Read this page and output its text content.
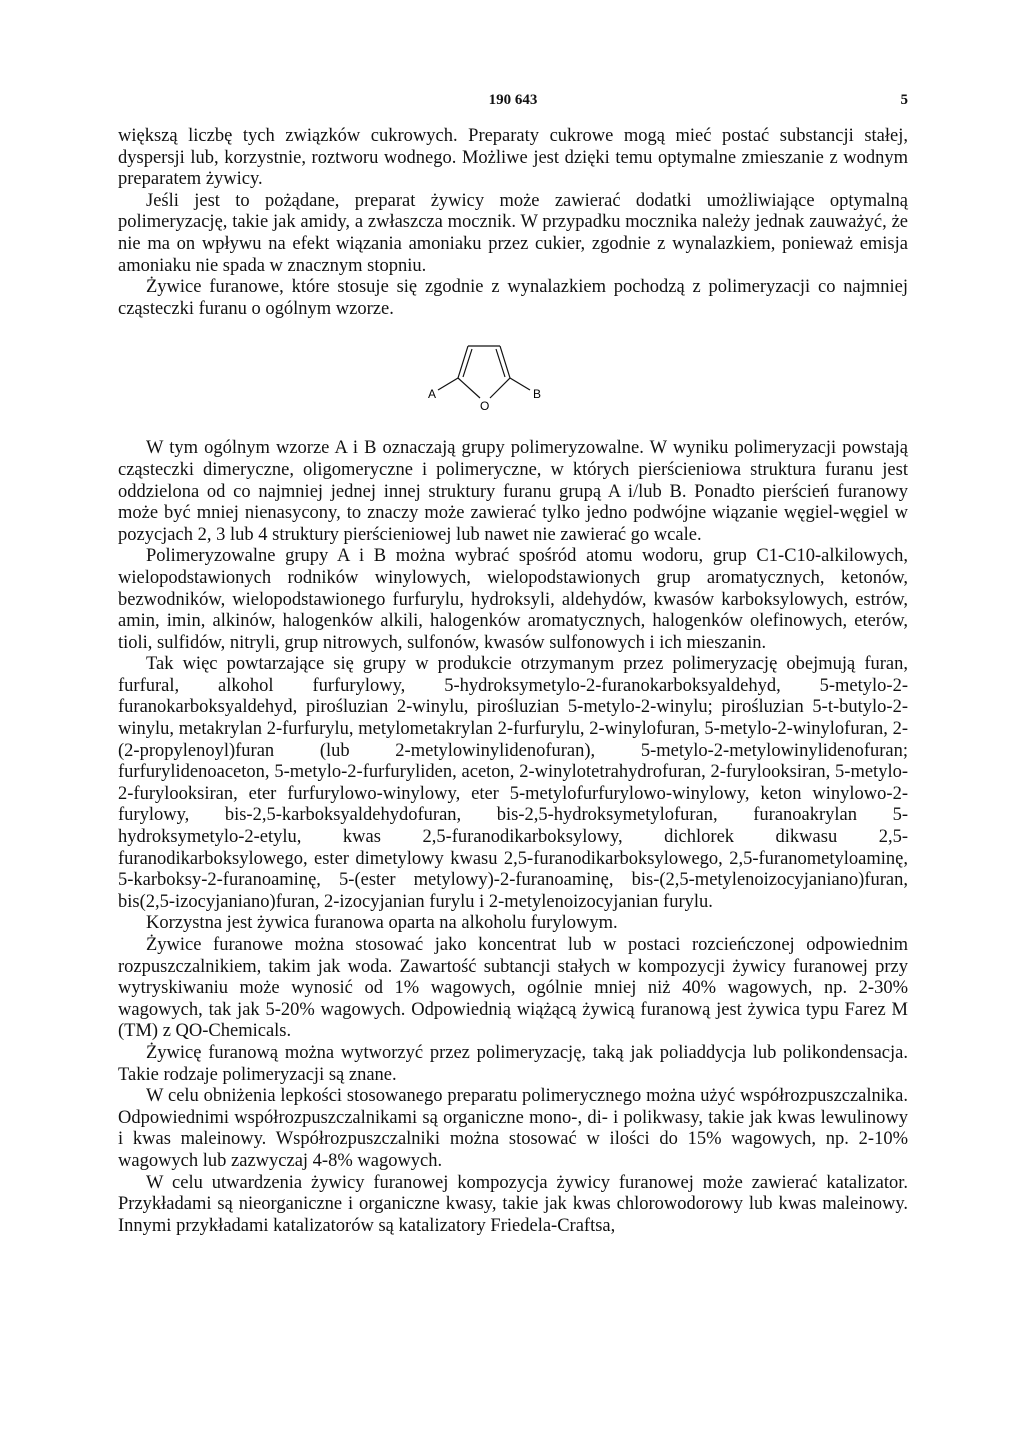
190 643	5

większą liczbę tych związków cukrowych. Preparaty cukrowe mogą mieć postać substancji stałej, dyspersji lub, korzystnie, roztworu wodnego. Możliwe jest dzięki temu optymalne zmieszanie z wodnym preparatem żywicy.

Jeśli jest to pożądane, preparat żywicy może zawierać dodatki umożliwiające optymalną polimeryzację, takie jak amidy, a zwłaszcza mocznik. W przypadku mocznika należy jednak zauważyć, że nie ma on wpływu na efekt wiązania amoniaku przez cukier, zgodnie z wynalazkiem, ponieważ emisja amoniaku nie spada w znacznym stopniu.

Żywice furanowe, które stosuje się zgodnie z wynalazkiem pochodzą z polimeryzacji co najmniej cząsteczki furanu o ogólnym wzorze.

A
O
B

W tym ogólnym wzorze A i B oznaczają grupy polimeryzowalne. W wyniku polimeryzacji powstają cząsteczki dimeryczne, oligomeryczne i polimeryczne, w których pierścieniowa struktura furanu jest oddzielona od co najmniej jednej innej struktury furanu grupą A i/lub B. Ponadto pierścień furanowy może być mniej nienasycony, to znaczy może zawierać tylko jedno podwójne wiązanie węgiel-węgiel w pozycjach 2, 3 lub 4 struktury pierścieniowej lub nawet nie zawierać go wcale.

Polimeryzowalne grupy A i B można wybrać spośród atomu wodoru, grup C1-C10-alkilowych, wielopodstawionych rodników winylowych, wielopodstawionych grup aromatycznych, ketonów, bezwodników, wielopodstawionego furfurylu, hydroksyli, aldehydów, kwasów karboksylowych, estrów, amin, imin, alkinów, halogenków alkili, halogenków aromatycznych, halogenków olefinowych, eterów, tioli, sulfidów, nitryli, grup nitrowych, sulfonów, kwasów sulfonowych i ich mieszanin.

Tak więc powtarzające się grupy w produkcie otrzymanym przez polimeryzację obejmują furan, furfural, alkohol furfurylowy, 5-hydroksymetylo-2-furanokarboksyaldehyd, 5-metylo-2-furanokarboksyaldehyd, pirośluzian 2-winylu, pirośluzian 5-metylo-2-winylu; pirośluzian 5-t-butylo-2-winylu, metakrylan 2-furfurylu, metylometakrylan 2-furfurylu, 2-winylofuran, 5-metylo-2-winylofuran, 2-(2-propylenoyl)furan (lub 2-metylowinylidenofuran), 5-metylo-2-metylowinylidenofuran; furfurylidenoaceton, 5-metylo-2-furfuryliden, aceton, 2-winylotetrahydrofuran, 2-furylooksiran, 5-metylo-2-furylooksiran, eter furfurylowo-winylowy, eter 5-metylofurfurylowo-winylowy, keton winylowo-2-furylowy, bis-2,5-karboksyaldehydofuran, bis-2,5-hydroksymetylofuran, furanoakrylan 5-hydroksymetylo-2-etylu, kwas 2,5-furanodikarboksylowy, dichlorek dikwasu 2,5-furanodikarboksylowego, ester dimetylowy kwasu 2,5-furanodikarboksylowego, 2,5-furanometyloaminę, 5-karboksy-2-furanoaminę, 5-(ester metylowy)-2-furanoaminę, bis-(2,5-metylenoizocyjaniano)furan, bis(2,5-izocyjaniano)furan, 2-izocyjanian furylu i 2-metylenoizocyjanian furylu.

Korzystna jest żywica furanowa oparta na alkoholu furylowym.

Żywice furanowe można stosować jako koncentrat lub w postaci rozcieńczonej odpowiednim rozpuszczalnikiem, takim jak woda. Zawartość subtancji stałych w kompozycji żywicy furanowej przy wytryskiwaniu może wynosić od 1% wagowych, ogólnie mniej niż 40% wagowych, np. 2-30% wagowych, tak jak 5-20% wagowych. Odpowiednią wiążącą żywicą furanową jest żywica typu Farez M (TM) z QO-Chemicals.

Żywicę furanową można wytworzyć przez polimeryzację, taką jak poliaddycja lub polikondensacja. Takie rodzaje polimeryzacji są znane.

W celu obniżenia lepkości stosowanego preparatu polimerycznego można użyć współrozpuszczalnika. Odpowiednimi współrozpuszczalnikami są organiczne mono-, di- i polikwasy, takie jak kwas lewulinowy i kwas maleinowy. Współrozpuszczalniki można stosować w ilości do 15% wagowych, np. 2-10% wagowych lub zazwyczaj 4-8% wagowych.

W celu utwardzenia żywicy furanowej kompozycja żywicy furanowej może zawierać katalizator. Przykładami są nieorganiczne i organiczne kwasy, takie jak kwas chlorowodorowy lub kwas maleinowy. Innymi przykładami katalizatorów są katalizatory Friedela-Craftsa,
